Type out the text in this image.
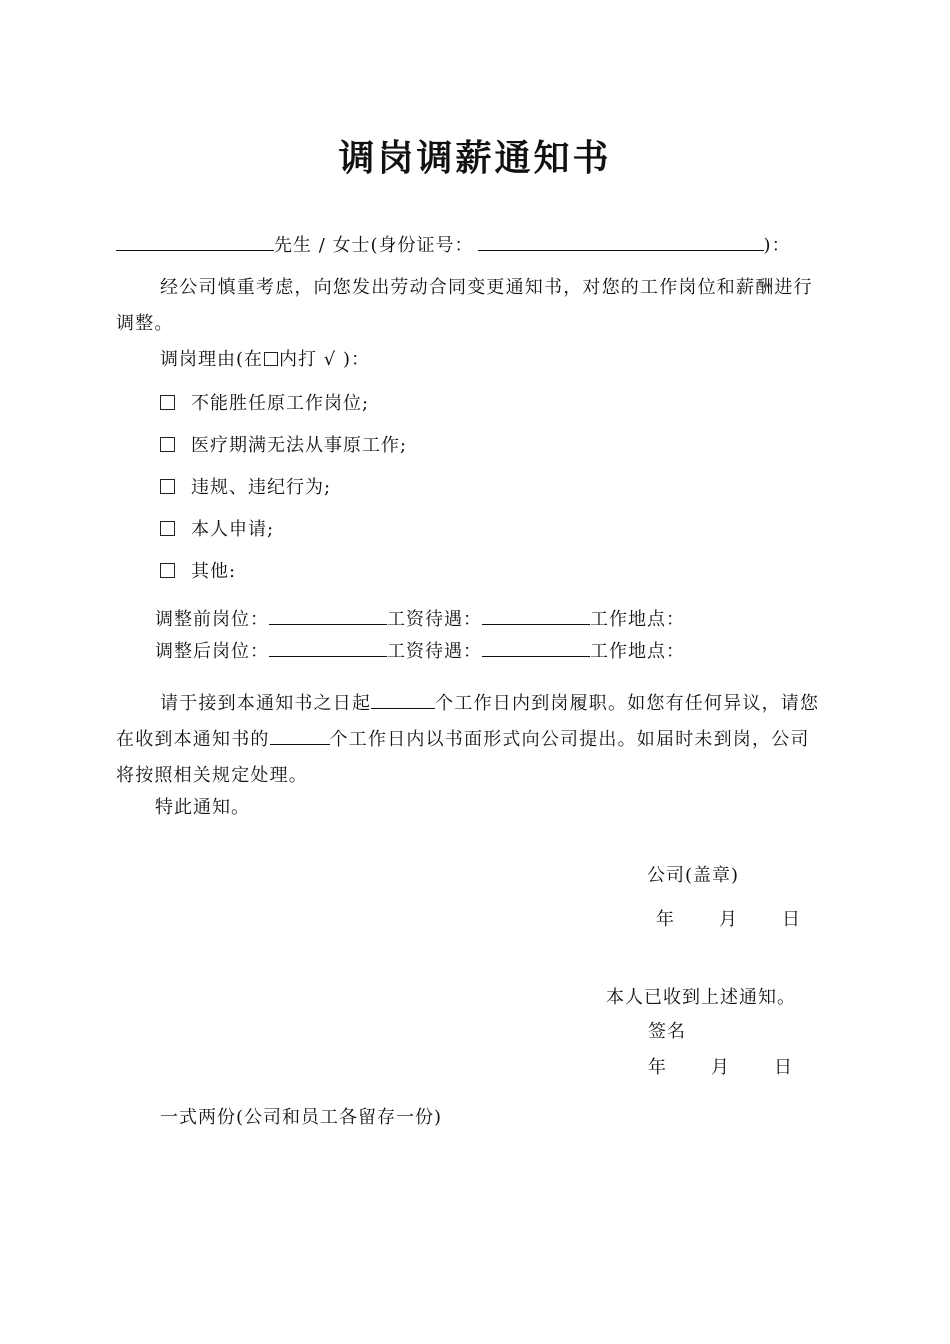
调岗调薪通知书
先生 / 女士(身份证号：	)：
经公司慎重考虑，向您发出劳动合同变更通知书，对您的工作岗位和薪酬进行调整。
调岗理由(在 内打 √ )：
不能胜任原工作岗位;
医疗期满无法从事原工作;
违规、违纪行为;
本人申请;
其他:
调整前岗位：	工资待遇：	工作地点：
调整后岗位：	工资待遇：	工作地点：
请于接到本通知书之日起	个工作日内到岗履职。如您有任何异议，请您在收到本通知书的	个工作日内以书面形式向公司提出。如届时未到岗，公司将按照相关规定处理。
特此通知。
公司(盖章)
年 月 日
本人已收到上述通知。
签名
年 月 日
一式两份(公司和员工各留存一份)
